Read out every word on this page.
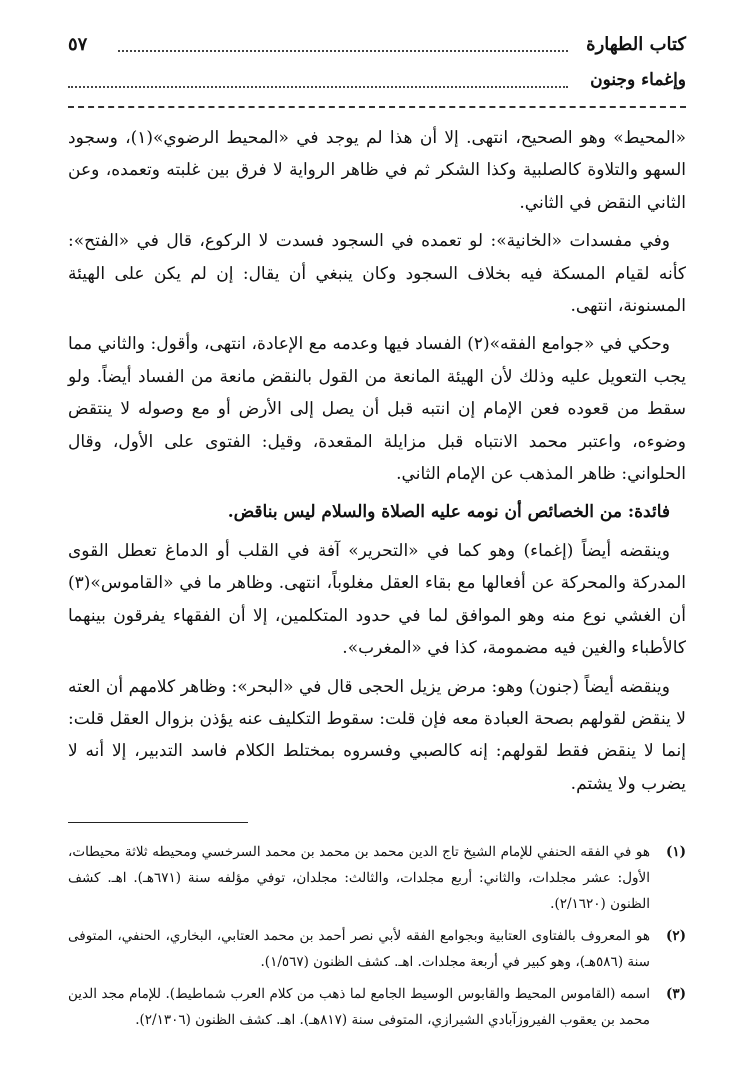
كتاب الطهارة
٥٧
وإغماء وجنون

«المحيط» وهو الصحيح، انتهى. إلا أن هذا لم يوجد في «المحيط الرضوي»(١)، وسجود السهو والتلاوة كالصلبية وكذا الشكر ثم في ظاهر الرواية لا فرق بين غلبته وتعمده، وعن الثاني النقض في الثاني.

وفي مفسدات «الخانية»: لو تعمده في السجود فسدت لا الركوع، قال في «الفتح»: كأنه لقيام المسكة فيه بخلاف السجود وكان ينبغي أن يقال: إن لم يكن على الهيئة المسنونة، انتهى.

وحكي في «جوامع الفقه»(٢) الفساد فيها وعدمه مع الإعادة، انتهى، وأقول: والثاني مما يجب التعويل عليه وذلك لأن الهيئة المانعة من القول بالنقض مانعة من الفساد أيضاً. ولو سقط من قعوده فعن الإمام إن انتبه قبل أن يصل إلى الأرض أو مع وصوله لا ينتقض وضوءه، واعتبر محمد الانتباه قبل مزايلة المقعدة، وقيل: الفتوى على الأول، وقال الحلواني: ظاهر المذهب عن الإمام الثاني.

فائدة: من الخصائص أن نومه عليه الصلاة والسلام ليس بناقض.

وينقضه أيضاً (إغماء) وهو كما في «التحرير» آفة في القلب أو الدماغ تعطل القوى المدركة والمحركة عن أفعالها مع بقاء العقل مغلوباً، انتهى. وظاهر ما في «القاموس»(٣) أن الغشي نوع منه وهو الموافق لما في حدود المتكلمين، إلا أن الفقهاء يفرقون بينهما كالأطباء والغين فيه مضمومة، كذا في «المغرب».

وينقضه أيضاً (جنون) وهو: مرض يزيل الحجى قال في «البحر»: وظاهر كلامهم أن العته لا ينقض لقولهم بصحة العبادة معه فإن قلت: سقوط التكليف عنه يؤذن بزوال العقل قلت: إنما لا ينقض فقط لقولهم: إنه كالصبي وفسروه بمختلط الكلام فاسد التدبير، إلا أنه لا يضرب ولا يشتم.

(١)
هو في الفقه الحنفي للإمام الشيخ تاج الدين محمد بن محمد بن محمد السرخسي ومحيطه ثلاثة محيطات، الأول: عشر مجلدات، والثاني: أربع مجلدات، والثالث: مجلدان، توفي مؤلفه سنة (٦٧١هـ). اهـ. كشف الظنون (٢/١٦٢٠).
(٢)
هو المعروف بالفتاوى العتابية وبجوامع الفقه لأبي نصر أحمد بن محمد العتابي، البخاري، الحنفي، المتوفى سنة (٥٨٦هـ)، وهو كبير في أربعة مجلدات. اهـ. كشف الظنون (١/٥٦٧).
(٣)
اسمه (القاموس المحيط والقابوس الوسيط الجامع لما ذهب من كلام العرب شماطيط). للإمام مجد الدين محمد بن يعقوب الفيروزآبادي الشيرازي، المتوفى سنة (٨١٧هـ). اهـ. كشف الظنون (٢/١٣٠٦).
